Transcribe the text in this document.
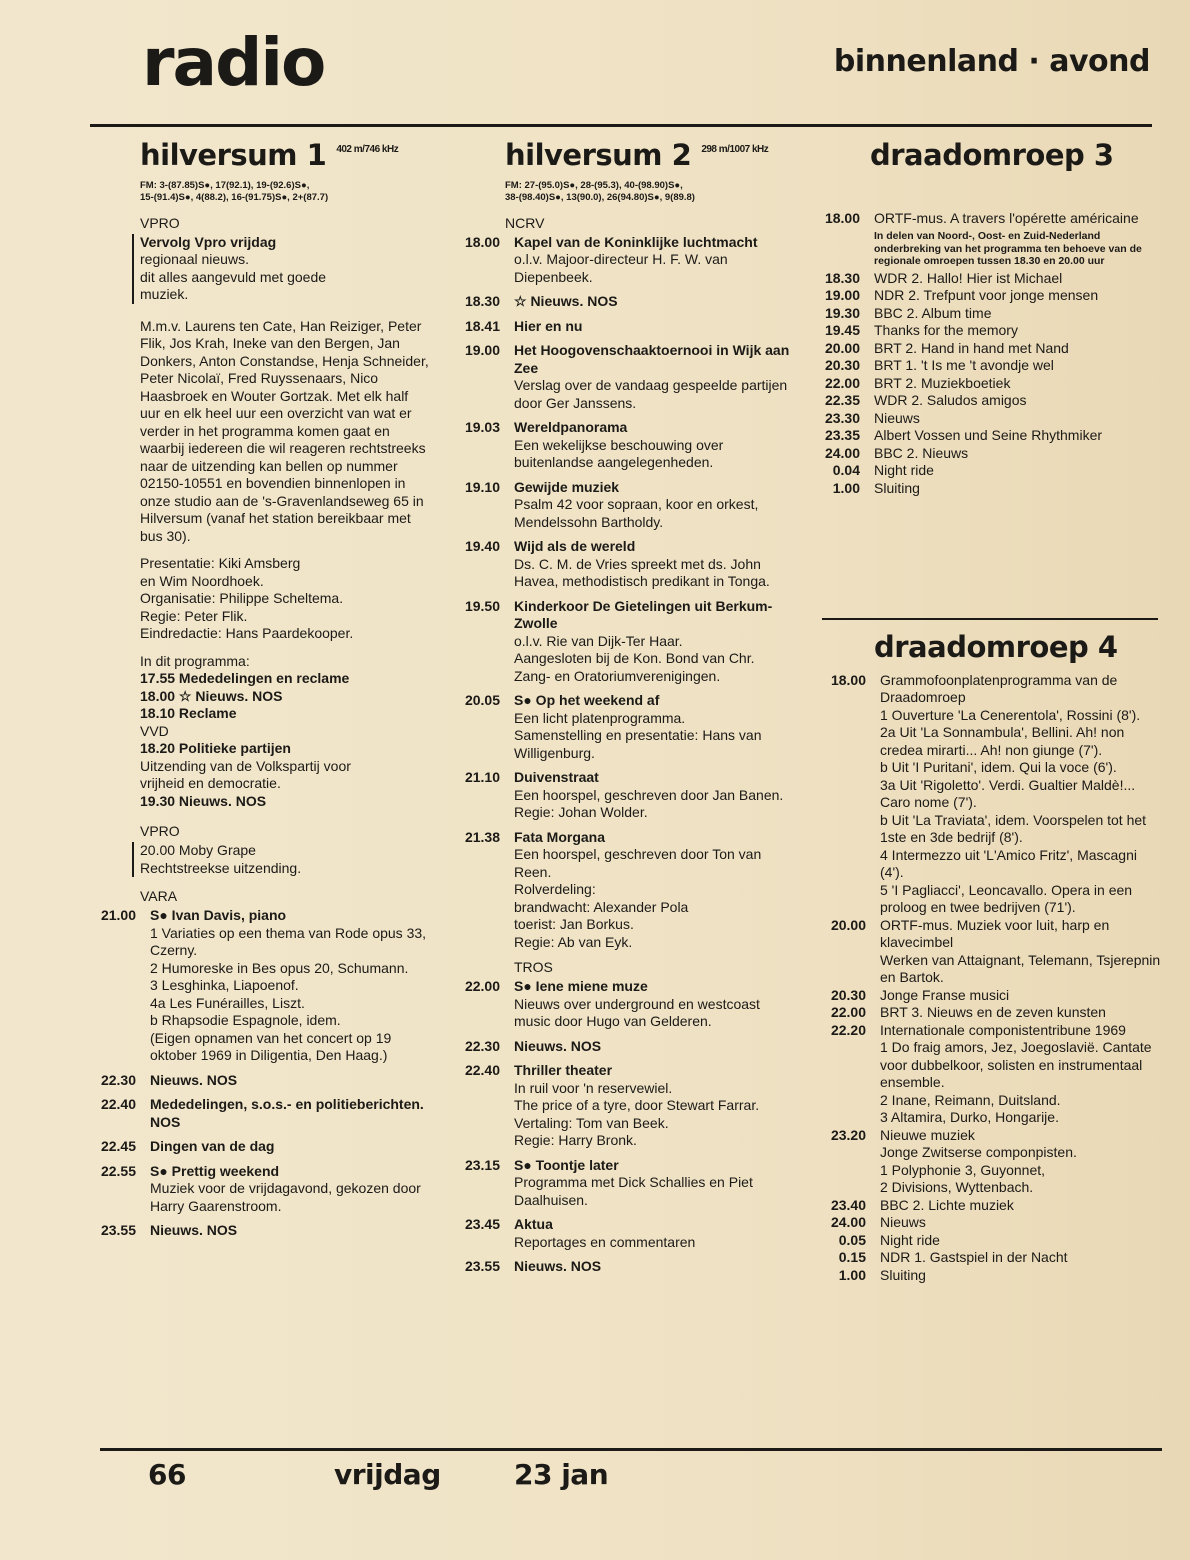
radio	binnenland · avond
hilversum 1 $^{402 m/746 kHz}$
FM: 3-(87.85)S●, 17(92.1), 19-(92.6)S●,
15-(91.4)S●, 4(88.2), 16-(91.75)S●, 2+(87.7)
VPRO
Vervolg Vpro vrijdag
regionaal nieuws.
dit alles aangevuld met goede
muziek.
M.m.v. Laurens ten Cate, Han Reiziger, Peter Flik, Jos Krah, Ineke van den Bergen, Jan Donkers, Anton Constandse, Henja Schneider, Peter Nicolaï, Fred Ruyssenaars, Nico Haasbroek en Wouter Gortzak. Met elk half uur en elk heel uur een overzicht van wat er verder in het programma komen gaat en waarbij iedereen die wil reageren rechtstreeks naar de uitzending kan bellen op nummer 02150-10551 en bovendien binnenlopen in onze studio aan de 's-Gravenlandseweg 65 in Hilversum (vanaf het station bereikbaar met bus 30).
Presentatie: Kiki Amsberg
en Wim Noordhoek.
Organisatie: Philippe Scheltema.
Regie: Peter Flik.
Eindredactie: Hans Paardekooper.
In dit programma:
17.55 Mededelingen en reclame
18.00 ☆ Nieuws. NOS
18.10 Reclame
VVD
18.20 Politieke partijen
Uitzending van de Volkspartij voor
vrijheid en democratie.
19.30 Nieuws. NOS
VPRO
20.00 Moby Grape
Rechtstreekse uitzending.
VARA
21.00	S● Ivan Davis, piano
1 Variaties op een thema van Rode opus 33, Czerny.
2 Humoreske in Bes opus 20, Schumann.
3 Lesghinka, Liapoenof.
4a Les Funérailles, Liszt.
b Rhapsodie Espagnole, idem.
(Eigen opnamen van het concert op 19 oktober 1969 in Diligentia, Den Haag.)
22.30	Nieuws. NOS
22.40	Mededelingen, s.o.s.- en politieberichten. NOS
22.45	Dingen van de dag
22.55	S● Prettig weekend
Muziek voor de vrijdagavond, gekozen door Harry Gaarenstroom.
23.55	Nieuws. NOS
hilversum 2 $^{298 m/1007 kHz}$
FM: 27-(95.0)S●, 28-(95.3), 40-(98.90)S●,
38-(98.40)S●, 13(90.0), 26(94.80)S●, 9(89.8)
NCRV
18.00	Kapel van de Koninklijke luchtmacht
o.l.v. Majoor-directeur H. F. W. van Diepenbeek.
18.30	☆ Nieuws. NOS
18.41	Hier en nu
19.00	Het Hoogovenschaaktoernooi in Wijk aan Zee
Verslag over de vandaag gespeelde partijen door Ger Janssens.
19.03	Wereldpanorama
Een wekelijkse beschouwing over buitenlandse aangelegenheden.
19.10	Gewijde muziek
Psalm 42 voor sopraan, koor en orkest, Mendelssohn Bartholdy.
19.40	Wijd als de wereld
Ds. C. M. de Vries spreekt met ds. John Havea, methodistisch predikant in Tonga.
19.50	Kinderkoor De Gietelingen uit Berkum-Zwolle
o.l.v. Rie van Dijk-Ter Haar.
Aangesloten bij de Kon. Bond van Chr. Zang- en Oratoriumverenigingen.
20.05	S● Op het weekend af
Een licht platenprogramma.
Samenstelling en presentatie: Hans van Willigenburg.
21.10	Duivenstraat
Een hoorspel, geschreven door Jan Banen.
Regie: Johan Wolder.
21.38	Fata Morgana
Een hoorspel, geschreven door Ton van Reen.
Rolverdeling:
brandwacht: Alexander Pola
toerist: Jan Borkus.
Regie: Ab van Eyk.
TROS
22.00	S● Iene miene muze
Nieuws over underground en westcoast music door Hugo van Gelderen.
22.30	Nieuws. NOS
22.40	Thriller theater
In ruil voor 'n reservewiel.
The price of a tyre, door Stewart Farrar.
Vertaling: Tom van Beek.
Regie: Harry Bronk.
23.15	S● Toontje later
Programma met Dick Schallies en Piet Daalhuisen.
23.45	Aktua
Reportages en commentaren
23.55	Nieuws. NOS
draadomroep 3
18.00	ORTF-mus. A travers l'opérette américaine
In delen van Noord-, Oost- en Zuid-Nederland onderbreking van het programma ten behoeve van de regionale omroepen tussen 18.30 en 20.00 uur
18.30	WDR 2. Hallo! Hier ist Michael
19.00	NDR 2. Trefpunt voor jonge mensen
19.30	BBC 2. Album time
19.45	Thanks for the memory
20.00	BRT 2. Hand in hand met Nand
20.30	BRT 1. 't Is me 't avondje wel
22.00	BRT 2. Muziekboetiek
22.35	WDR 2. Saludos amigos
23.30	Nieuws
23.35	Albert Vossen und Seine Rhythmiker
24.00	BBC 2. Nieuws
0.04	Night ride
1.00	Sluiting
draadomroep 4
18.00	Grammofoonplatenprogramma van de Draadomroep
1 Ouverture 'La Cenerentola', Rossini (8').
2a Uit 'La Sonnambula', Bellini. Ah! non credea mirarti... Ah! non giunge (7').
b Uit 'I Puritani', idem. Qui la voce (6').
3a Uit 'Rigoletto'. Verdi. Gualtier Maldè!... Caro nome (7').
b Uit 'La Traviata', idem. Voorspelen tot het 1ste en 3de bedrijf (8').
4 Intermezzo uit 'L'Amico Fritz', Mascagni (4').
5 'I Pagliacci', Leoncavallo. Opera in een proloog en twee bedrijven (71').
20.00	ORTF-mus. Muziek voor luit, harp en klavecimbel
Werken van Attaignant, Telemann, Tsjerepnin en Bartok.
20.30	Jonge Franse musici
22.00	BRT 3. Nieuws en de zeven kunsten
22.20	Internationale componistentribune 1969
1 Do fraig amors, Jez, Joegoslavië. Cantate voor dubbelkoor, solisten en instrumentaal ensemble.
2 Inane, Reimann, Duitsland.
3 Altamira, Durko, Hongarije.
23.20	Nieuwe muziek
Jonge Zwitserse componpisten.
1 Polyphonie 3, Guyonnet,
2 Divisions, Wyttenbach.
23.40	BBC 2. Lichte muziek
24.00	Nieuws
0.05	Night ride
0.15	NDR 1. Gastspiel in der Nacht
1.00	Sluiting
66	vrijdag	23 jan
